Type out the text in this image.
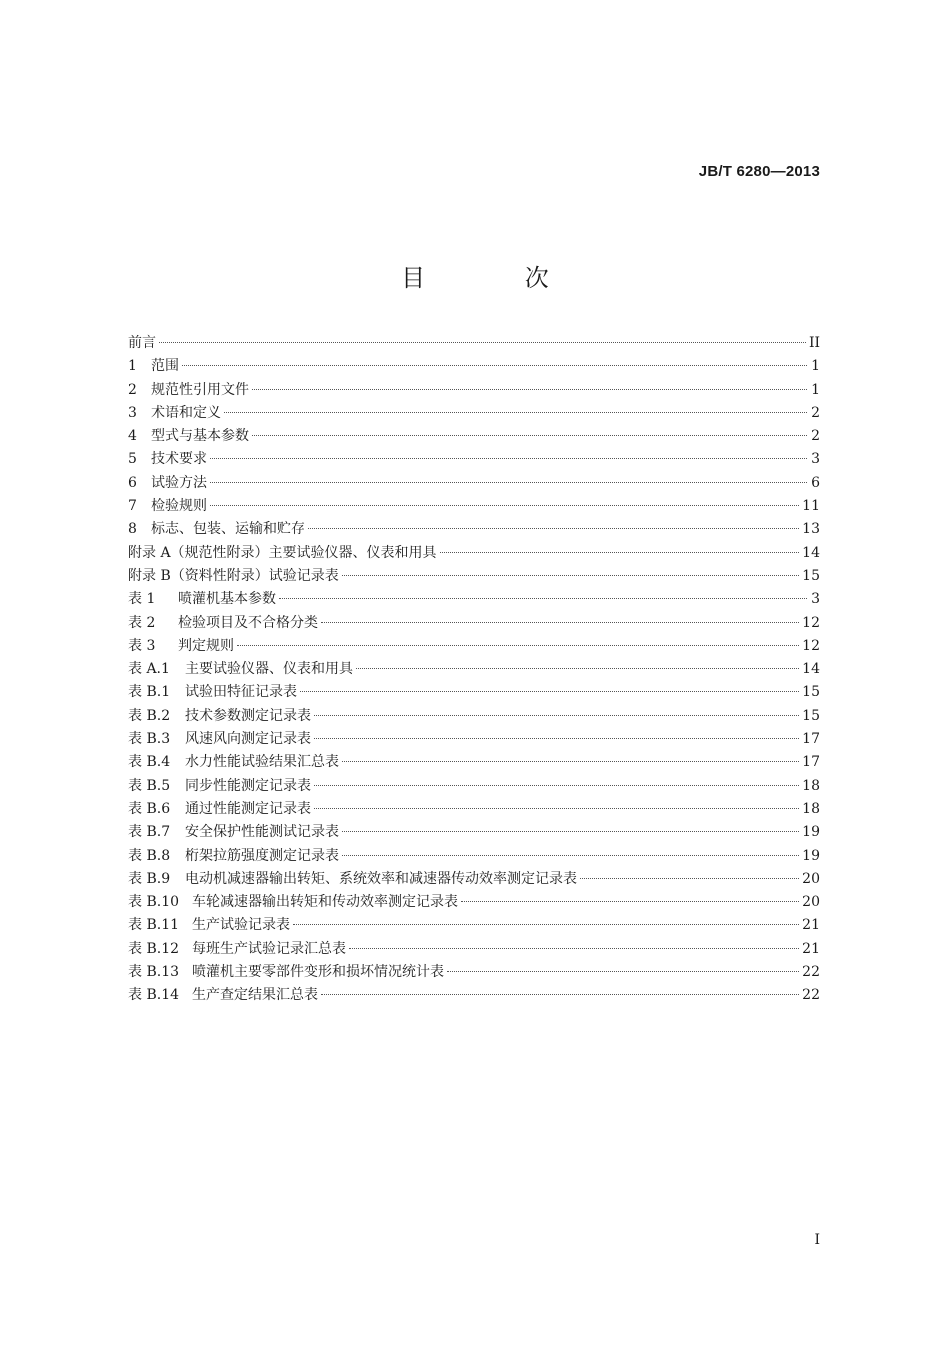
JB/T 6280—2013
目 次
前言	II
1	范围	1
2	规范性引用文件	1
3	术语和定义	2
4	型式与基本参数	2
5	技术要求	3
6	试验方法	6
7	检验规则	11
8	标志、包装、运输和贮存	13
附录 A（规范性附录）主要试验仪器、仪表和用具	14
附录 B（资料性附录）试验记录表	15
表 1	喷灌机基本参数	3
表 2	检验项目及不合格分类	12
表 3	判定规则	12
表 A.1	主要试验仪器、仪表和用具	14
表 B.1	试验田特征记录表	15
表 B.2	技术参数测定记录表	15
表 B.3	风速风向测定记录表	17
表 B.4	水力性能试验结果汇总表	17
表 B.5	同步性能测定记录表	18
表 B.6	通过性能测定记录表	18
表 B.7	安全保护性能测试记录表	19
表 B.8	桁架拉筋强度测定记录表	19
表 B.9	电动机减速器输出转矩、系统效率和减速器传动效率测定记录表	20
表 B.10 车轮减速器输出转矩和传动效率测定记录表	20
表 B.11 生产试验记录表	21
表 B.12 每班生产试验记录汇总表	21
表 B.13 喷灌机主要零部件变形和损坏情况统计表	22
表 B.14 生产查定结果汇总表	22
I
